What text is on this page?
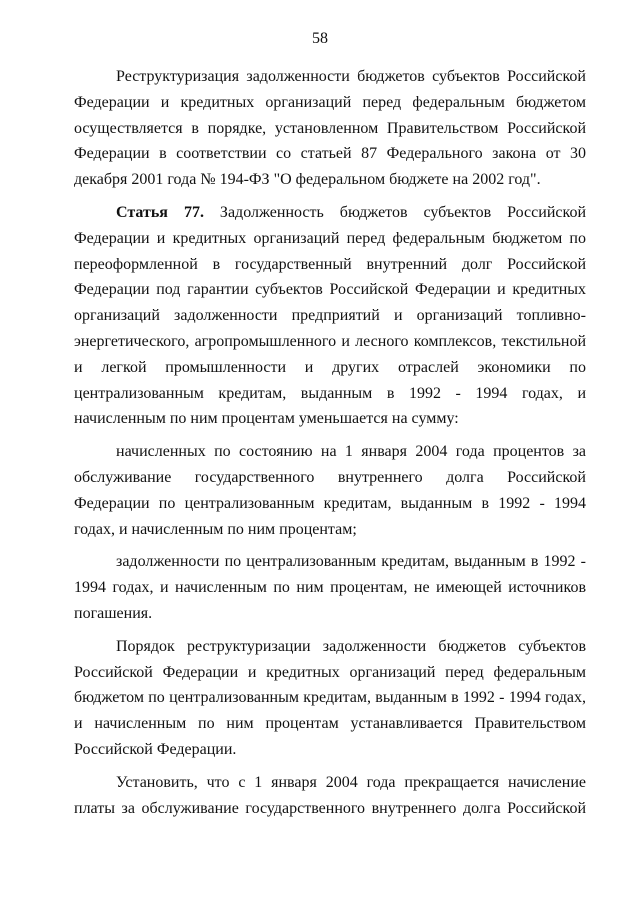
58

Реструктуризация задолженности бюджетов субъектов Российской Федерации и кредитных организаций перед федеральным бюджетом осуществляется в порядке, установленном Правительством Российской Федерации в соответствии со статьей 87 Федерального закона от 30 декабря 2001 года № 194-ФЗ "О федеральном бюджете на 2002 год".

Статья 77. Задолженность бюджетов субъектов Российской Федерации и кредитных организаций перед федеральным бюджетом по переоформленной в государственный внутренний долг Российской Федерации под гарантии субъектов Российской Федерации и кредитных организаций задолженности предприятий и организаций топливно-энергетического, агропромышленного и лесного комплексов, текстильной и легкой промышленности и других отраслей экономики по централизованным кредитам, выданным в 1992 - 1994 годах, и начисленным по ним процентам уменьшается на сумму:

начисленных по состоянию на 1 января 2004 года процентов за обслуживание государственного внутреннего долга Российской Федерации по централизованным кредитам, выданным в 1992 - 1994 годах, и начисленным по ним процентам;

задолженности по централизованным кредитам, выданным в 1992 - 1994 годах, и начисленным по ним процентам, не имеющей источников погашения.

Порядок реструктуризации задолженности бюджетов субъектов Российской Федерации и кредитных организаций перед федеральным бюджетом по централизованным кредитам, выданным в 1992 - 1994 годах, и начисленным по ним процентам устанавливается Правительством Российской Федерации.

Установить, что с 1 января 2004 года прекращается начисление платы за обслуживание государственного внутреннего долга Российской
